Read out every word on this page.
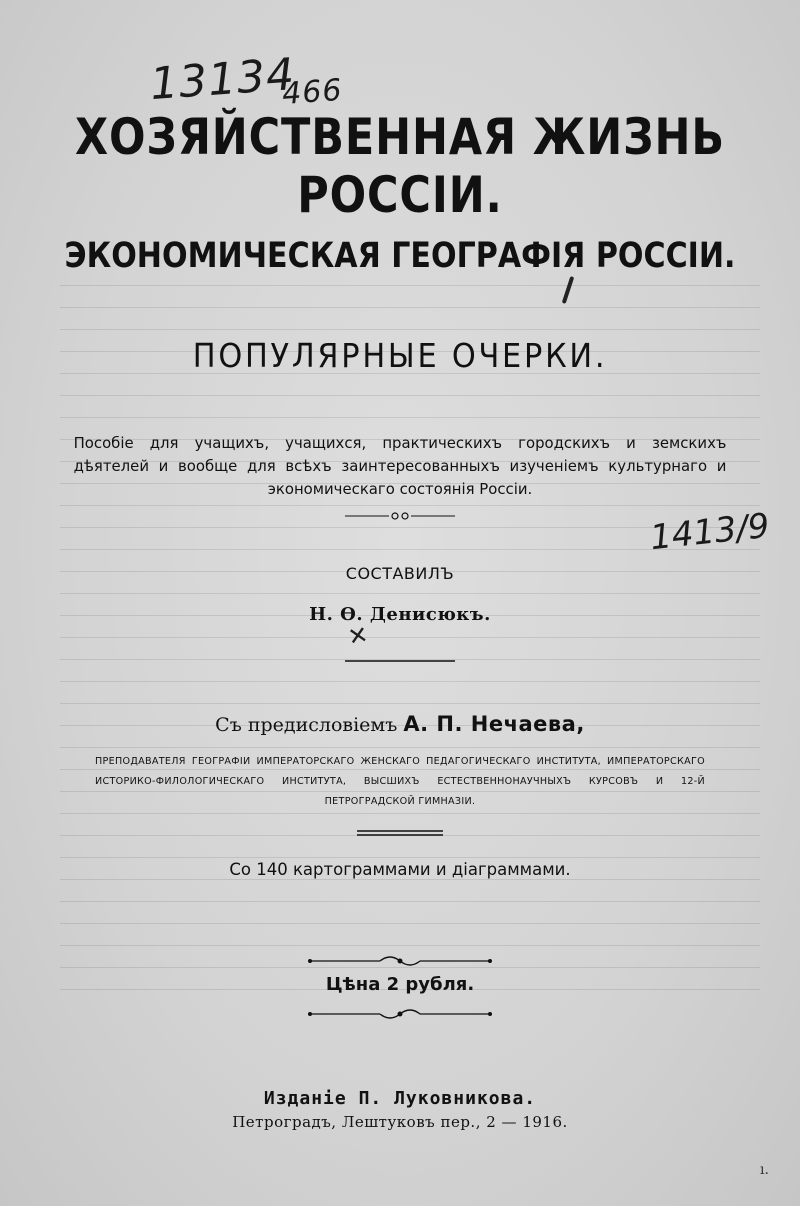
$13134_{466}$
ХОЗЯЙСТВЕННАЯ ЖИЗНЬ РОССІИ.
ЭКОНОМИЧЕСКАЯ ГЕОГРАФІЯ РОССІИ.
ПОПУЛЯРНЫЕ ОЧЕРКИ.
Пособіе для учащихъ, учащихся, практическихъ городскихъ и земскихъ дѣятелей и вообще для всѣхъ заинтересованныхъ изученіемъ культурнаго и экономическаго состоянія Россіи.
1413/9
СОСТАВИЛЪ
Н. Ѳ. Денисюкъ.
✕
Съ предисловіемъ А. П. Нечаева,
ПРЕПОДАВАТЕЛЯ ГЕОГРАФІИ ИМПЕРАТОРСКАГО ЖЕНСКАГО ПЕДАГОГИЧЕСКАГО ИНСТИТУТА, ИМПЕРАТОРСКАГО ИСТОРИКО-ФИЛОЛОГИЧЕСКАГО ИНСТИТУТА, ВЫСШИХЪ ЕСТЕСТВЕННОНАУЧНЫХЪ КУРСОВЪ И 12-Й ПЕТРОГРАДСКОЙ ГИМНАЗІИ.
Со 140 картограммами и діаграммами.
Цѣна 2 рубля.
Изданіе П. Луковникова.
Петроградъ, Лештуковъ пер., 2 — 1916.
ı.
